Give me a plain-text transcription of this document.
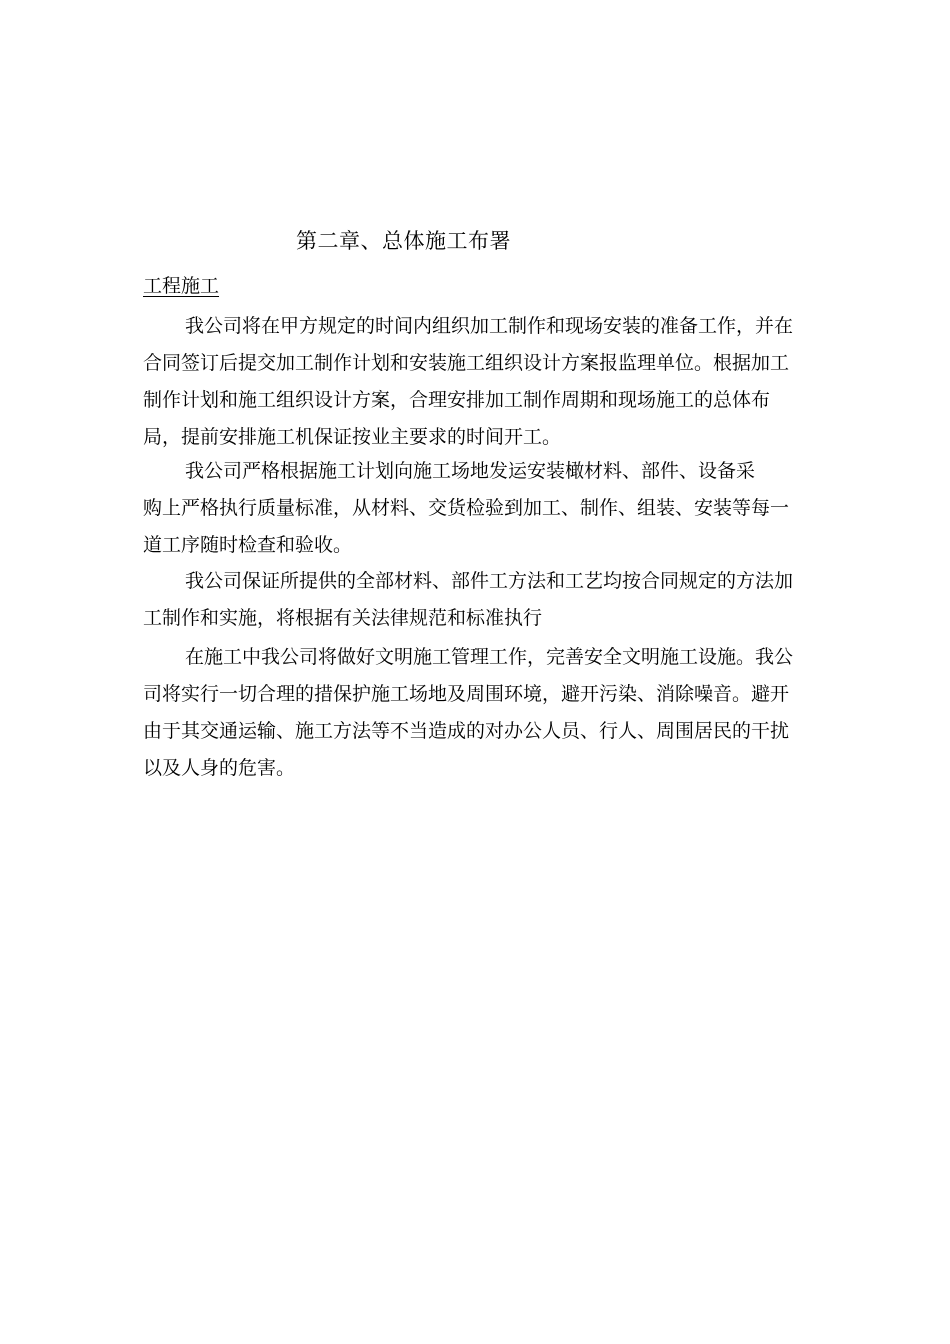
第二章、总体施工布署
工程施工
我公司将在甲方规定的时间内组织加工制作和现场安装的准备工作，并在
合同签订后提交加工制作计划和安装施工组织设计方案报监理单位。根据加工
制作计划和施工组织设计方案，合理安排加工制作周期和现场施工的总体布
局，提前安排施工机保证按业主要求的时间开工。
我公司严格根据施工计划向施工场地发运安装橄材料、部件、设备采
购上严格执行质量标准，从材料、交货检验到加工、制作、组装、安装等每一
道工序随时检查和验收。
我公司保证所提供的全部材料、部件工方法和工艺均按合同规定的方法加
工制作和实施，将根据有关法律规范和标准执行
在施工中我公司将做好文明施工管理工作，完善安全文明施工设施。我公
司将实行一切合理的措保护施工场地及周围环境，避开污染、消除噪音。避开
由于其交通运输、施工方法等不当造成的对办公人员、行人、周围居民的干扰
以及人身的危害。
